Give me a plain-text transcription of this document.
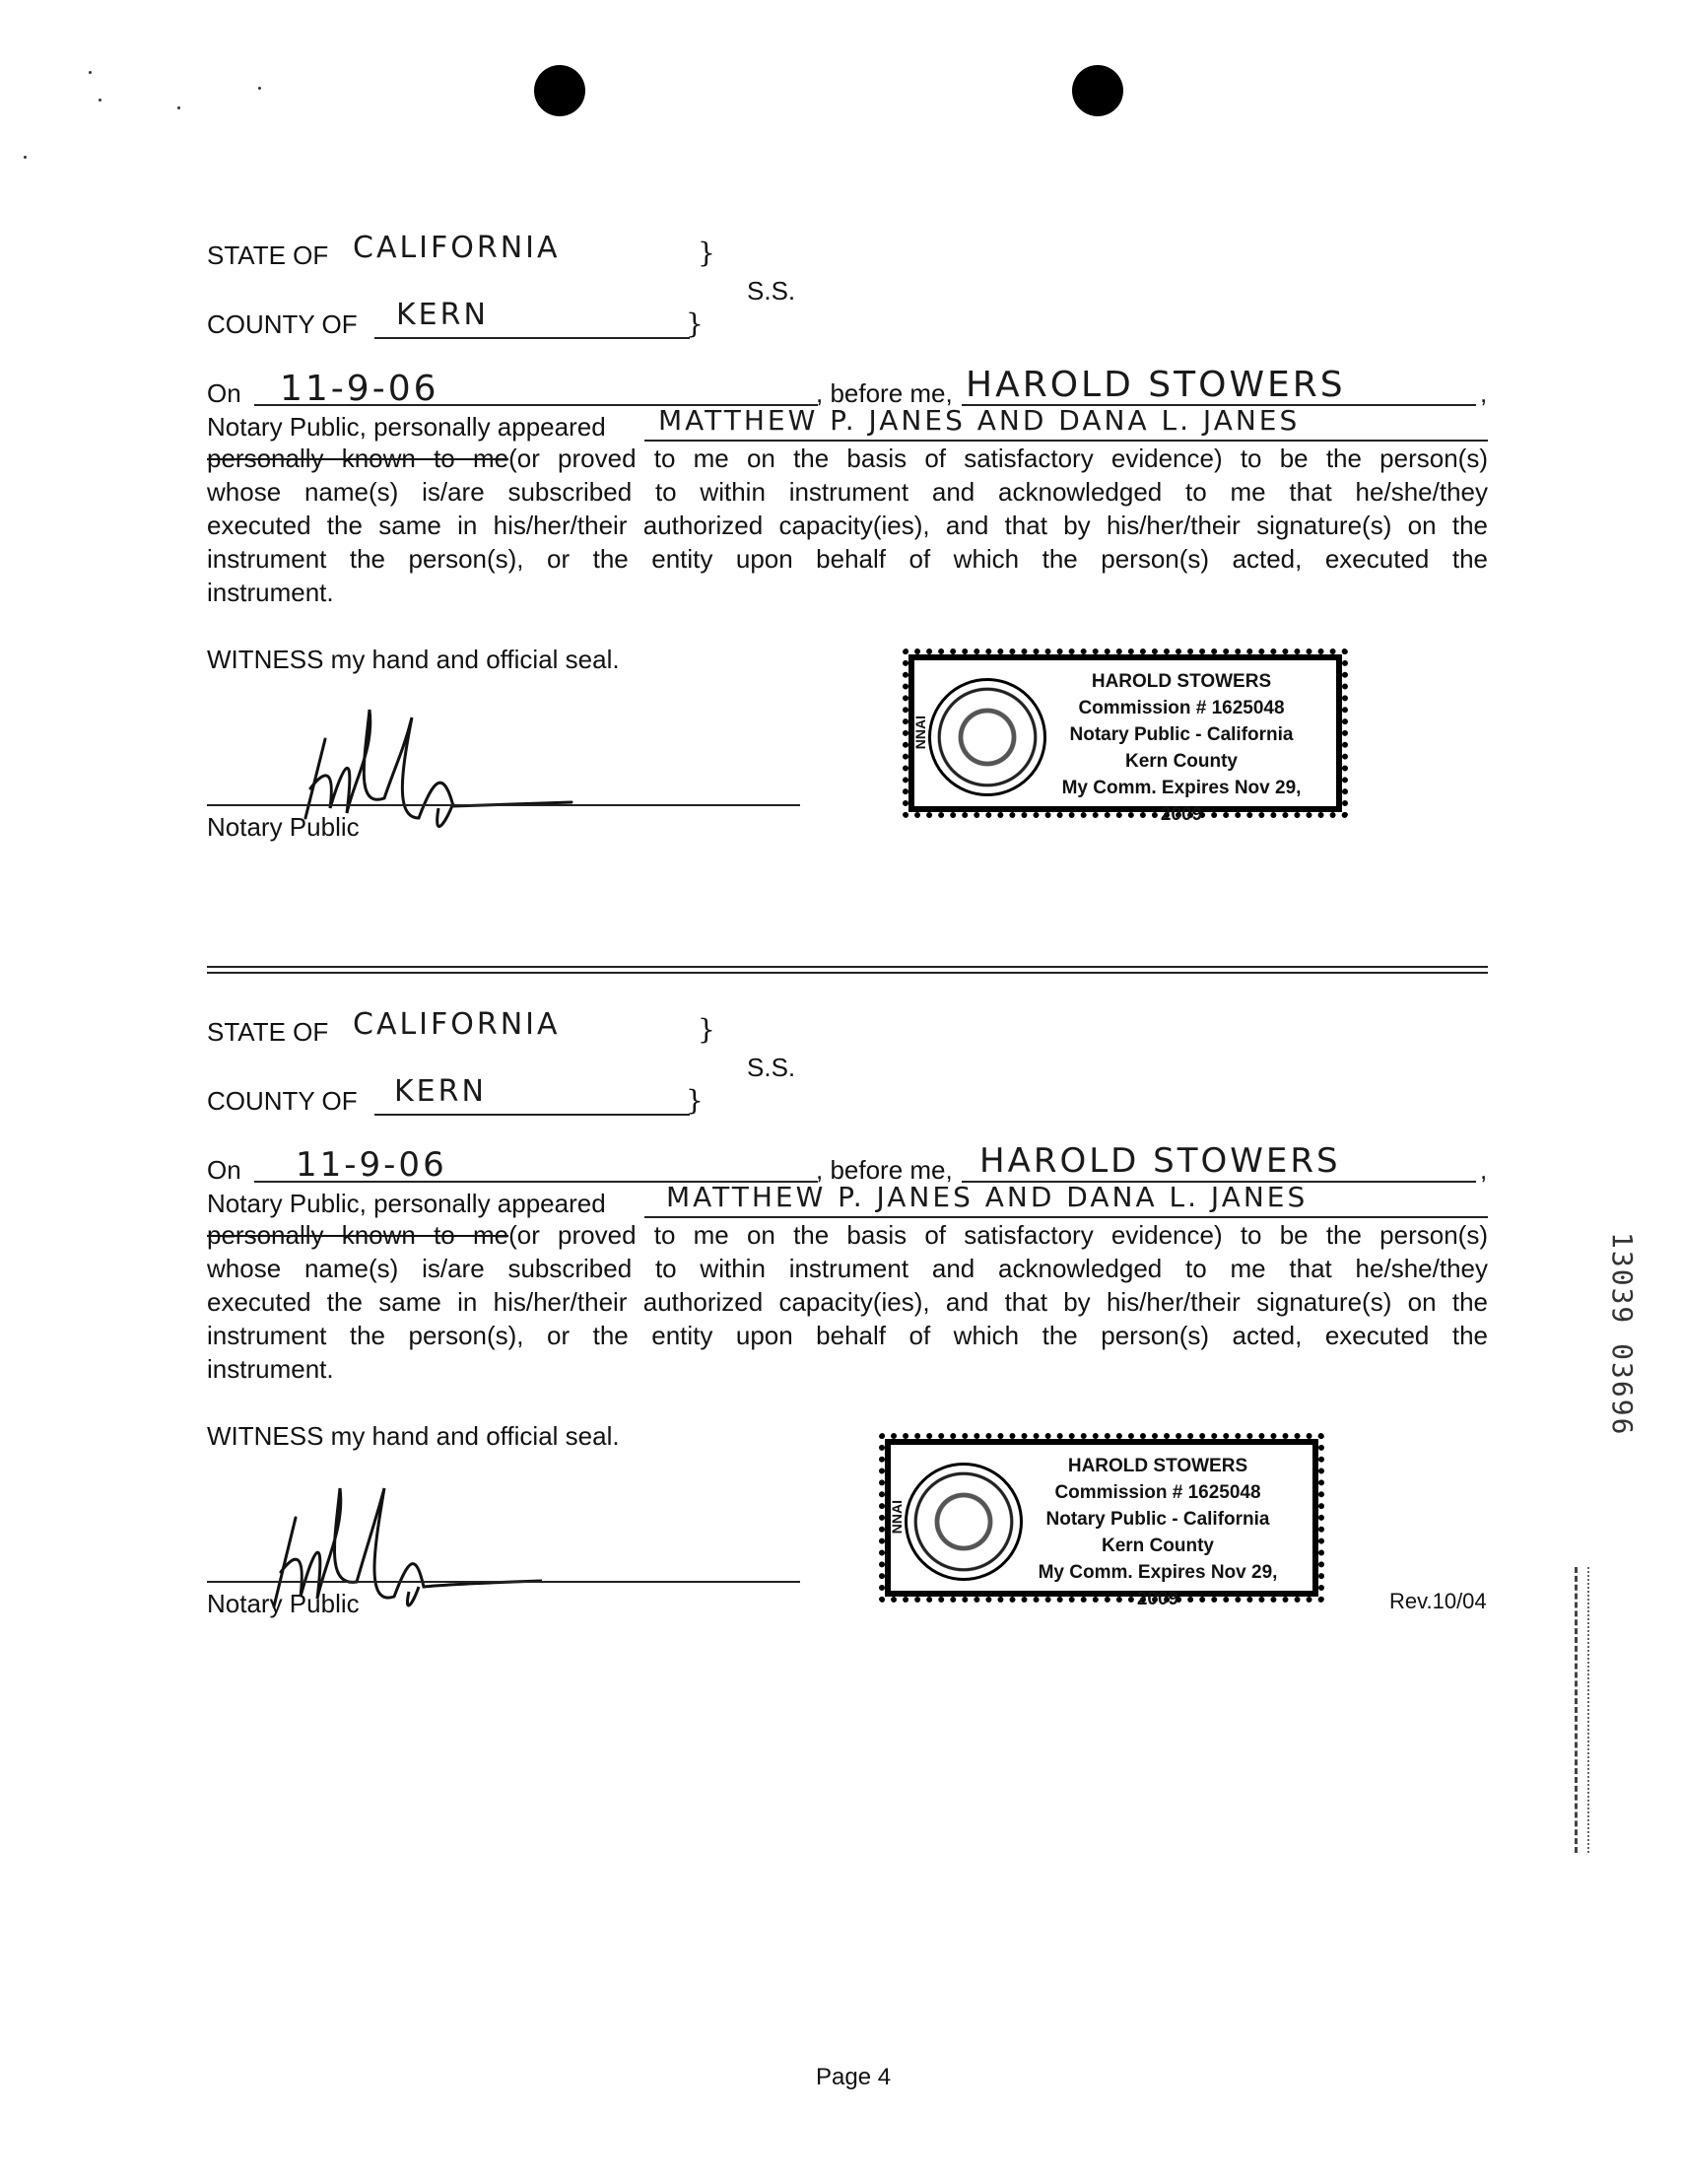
STATE OF CALIFORNIA	}
S.S.
COUNTY OF KERN	}
On 11-9-06	, before me, HAROLD STOWERS	,
Notary Public, personally appeared MATTHEW P. JANES AND DANA L. JANES
personally known to me(or proved to me on the basis of satisfactory evidence) to be the person(s)
whose name(s) is/are subscribed to within instrument and acknowledged to me that he/she/they
executed the same in his/her/their authorized capacity(ies), and that by his/her/their signature(s) on the
instrument the person(s), or the entity upon behalf of which the person(s) acted, executed the
instrument.
WITNESS my hand and official seal.
Notary Public
NNAI
HAROLD STOWERS
Commission # 1625048
Notary Public - California
Kern County
My Comm. Expires Nov 29, 2009
STATE OF CALIFORNIA	}
S.S.
COUNTY OF KERN	}
On 11-9-06	, before me, HAROLD STOWERS	,
Notary Public, personally appeared MATTHEW P. JANES AND DANA L. JANES
personally known to me(or proved to me on the basis of satisfactory evidence) to be the person(s)
whose name(s) is/are subscribed to within instrument and acknowledged to me that he/she/they
executed the same in his/her/their authorized capacity(ies), and that by his/her/their signature(s) on the
instrument the person(s), or the entity upon behalf of which the person(s) acted, executed the
instrument.
WITNESS my hand and official seal.
Notary Public
NNAI
HAROLD STOWERS
Commission # 1625048
Notary Public - California
Kern County
My Comm. Expires Nov 29, 2009	Rev.10/04
13039 03696
Page 4
